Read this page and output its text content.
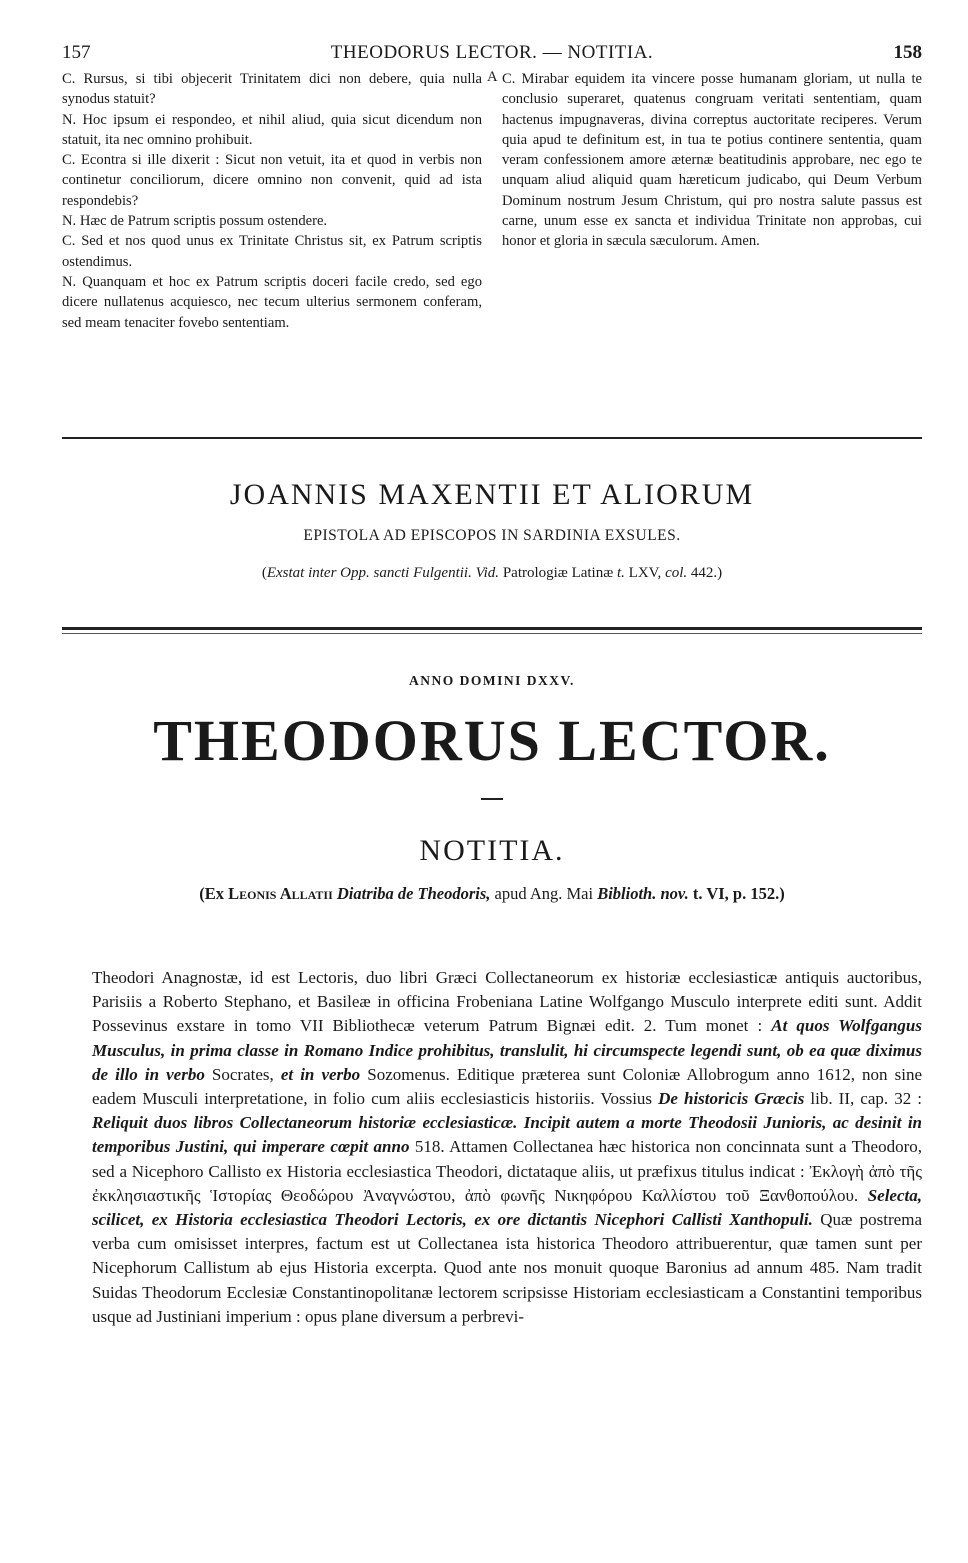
157	THEODORUS LECTOR. — NOTITIA.	158

C. Rursus, si tibi objecerit Trinitatem dici non debere, quia nulla synodus statuit?

N. Hoc ipsum ei respondeo, et nihil aliud, quia sicut dicendum non statuit, ita nec omnino prohibuit.

C. Econtra si ille dixerit : Sicut non vetuit, ita et quod in verbis non continetur conciliorum, dicere omnino non convenit, quid ad ista respondebis?

N. Hæc de Patrum scriptis possum ostendere.

C. Sed et nos quod unus ex Trinitate Christus sit, ex Patrum scriptis ostendimus.

N. Quanquam et hoc ex Patrum scriptis doceri facile credo, sed ego dicere nullatenus acquiesco, nec tecum ulterius sermonem conferam, sed meam tenaciter fovebo sententiam.

A C. Mirabar equidem ita vincere posse humanam gloriam, ut nulla te conclusio superaret, quatenus congruam veritati sententiam, quam hactenus impugnaveras, divina correptus auctoritate reciperes. Verum quia apud te definitum est, in tua te potius continere sententia, quam veram confessionem amore æternæ beatitudinis approbare, nec ego te unquam aliud aliquid quam hæreticum judicabo, qui Deum Verbum Dominum nostrum Jesum Christum, qui pro nostra salute passus est carne, unum esse ex sancta et individua Trinitate non approbas, cui honor et gloria in sæcula sæculorum. Amen.

JOANNIS MAXENTII ET ALIORUM
EPISTOLA AD EPISCOPOS IN SARDINIA EXSULES.
(Exstat inter Opp. sancti Fulgentii. Vid. Patrologiæ Latinæ t. LXV, col. 442.)
ANNO DOMINI DXXV.
THEODORUS LECTOR.
NOTITIA.
(Ex Leonis Allatii Diatriba de Theodoris, apud Ang. Mai Biblioth. nov. t. VI, p. 152.)

Theodori Anagnostæ, id est Lectoris, duo libri Græci Collectaneorum ex historiæ ecclesiasticæ antiquis auctoribus, Parisiis a Roberto Stephano, et Basileæ in officina Frobeniana Latine Wolfgango Musculo interprete editi sunt. Addit Possevinus exstare in tomo VII Bibliothecæ veterum Patrum Bignæi edit. 2. Tum monet : At quos Wolfgangus Musculus, in prima classe in Romano Indice prohibitus, translulit, hi circumspecte legendi sunt, ob ea quæ diximus de illo in verbo Socrates, et in verbo Sozomenus. Editique præterea sunt Coloniæ Allobrogum anno 1612, non sine eadem Musculi interpretatione, in folio cum aliis ecclesiasticis historiis. Vossius De historicis Græcis lib. II, cap. 32 : Reliquit duos libros Collectaneorum historiæ ecclesiasticæ. Incipit autem a morte Theodosii Junioris, ac desinit in temporibus Justini, qui imperare cœpit anno 518. Attamen Collectanea hæc historica non concinnata sunt a Theodoro, sed a Nicephoro Callisto ex Historia ecclesiastica Theodori, dictataque aliis, ut præfixus titulus indicat : Ἐκλογὴ ἀπὸ τῆς ἐκκλησιαστικῆς Ἱστορίας Θεοδώρου Ἀναγνώστου, ἀπὸ φωνῆς Νικηφόρου Καλλίστου τοῦ Ξανθοπούλου. Selecta, scilicet, ex Historia ecclesiastica Theodori Lectoris, ex ore dictantis Nicephori Callisti Xanthopuli. Quæ postrema verba cum omisisset interpres, factum est ut Collectanea ista historica Theodoro attribuerentur, quæ tamen sunt per Nicephorum Callistum ab ejus Historia excerpta. Quod ante nos monuit quoque Baronius ad annum 485. Nam tradit Suidas Theodorum Ecclesiæ Constantinopolitanæ lectorem scripsisse Historiam ecclesiasticam a Constantini temporibus usque ad Justiniani imperium : opus plane diversum a perbrevi-
